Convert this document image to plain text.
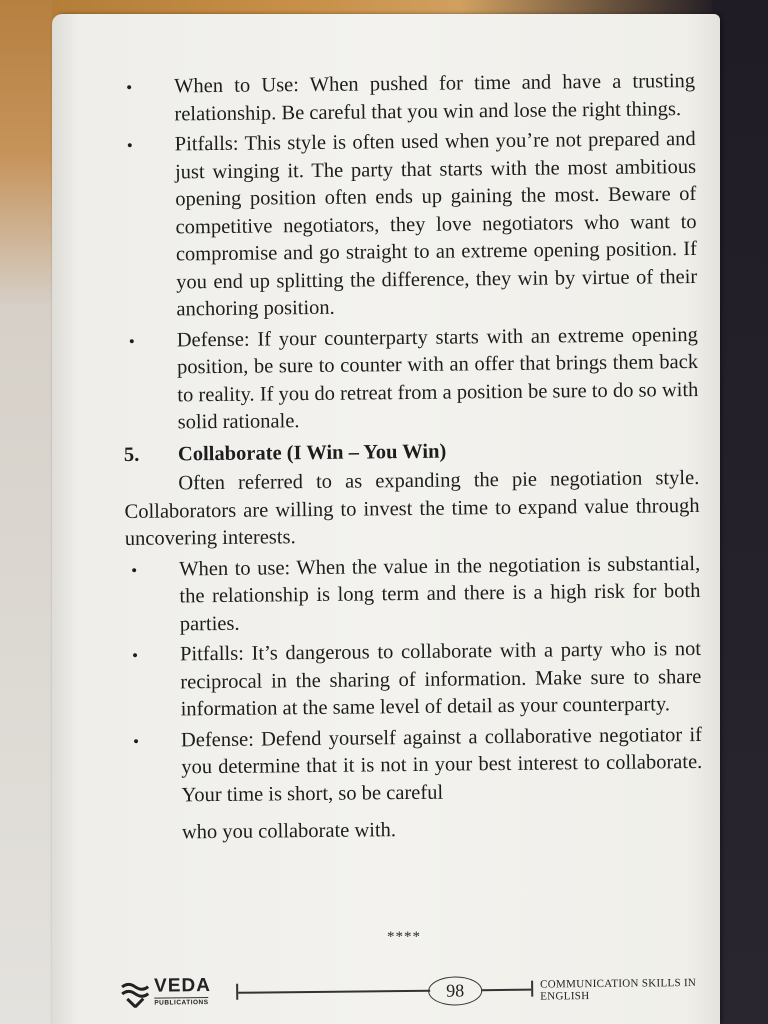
• When to Use: When pushed for time and have a trusting relationship. Be careful that you win and lose the right things.
• Pitfalls: This style is often used when you’re not prepared and just winging it. The party that starts with the most ambitious opening position often ends up gaining the most. Beware of competitive negotiators, they love negotiators who want to compromise and go straight to an extreme opening position. If you end up splitting the difference, they win by virtue of their anchoring position.
• Defense: If your counterparty starts with an extreme opening position, be sure to counter with an offer that brings them back to reality. If you do retreat from a position be sure to do so with solid rationale.
5. Collaborate (I Win – You Win)

Often referred to as expanding the pie negotiation style. Collaborators are willing to invest the time to expand value through uncovering interests.

• When to use: When the value in the negotiation is substantial, the relationship is long term and there is a high risk for both parties.
• Pitfalls: It’s dangerous to collaborate with a party who is not reciprocal in the sharing of information. Make sure to share information at the same level of detail as your counterparty.
• Defense: Defend yourself against a collaborative negotiator if you determine that it is not in your best interest to collaborate. Your time is short, so be careful
who you collaborate with.
****
VEDA
PUBLICATIONS
98	COMMUNICATION SKILLS IN ENGLISH
